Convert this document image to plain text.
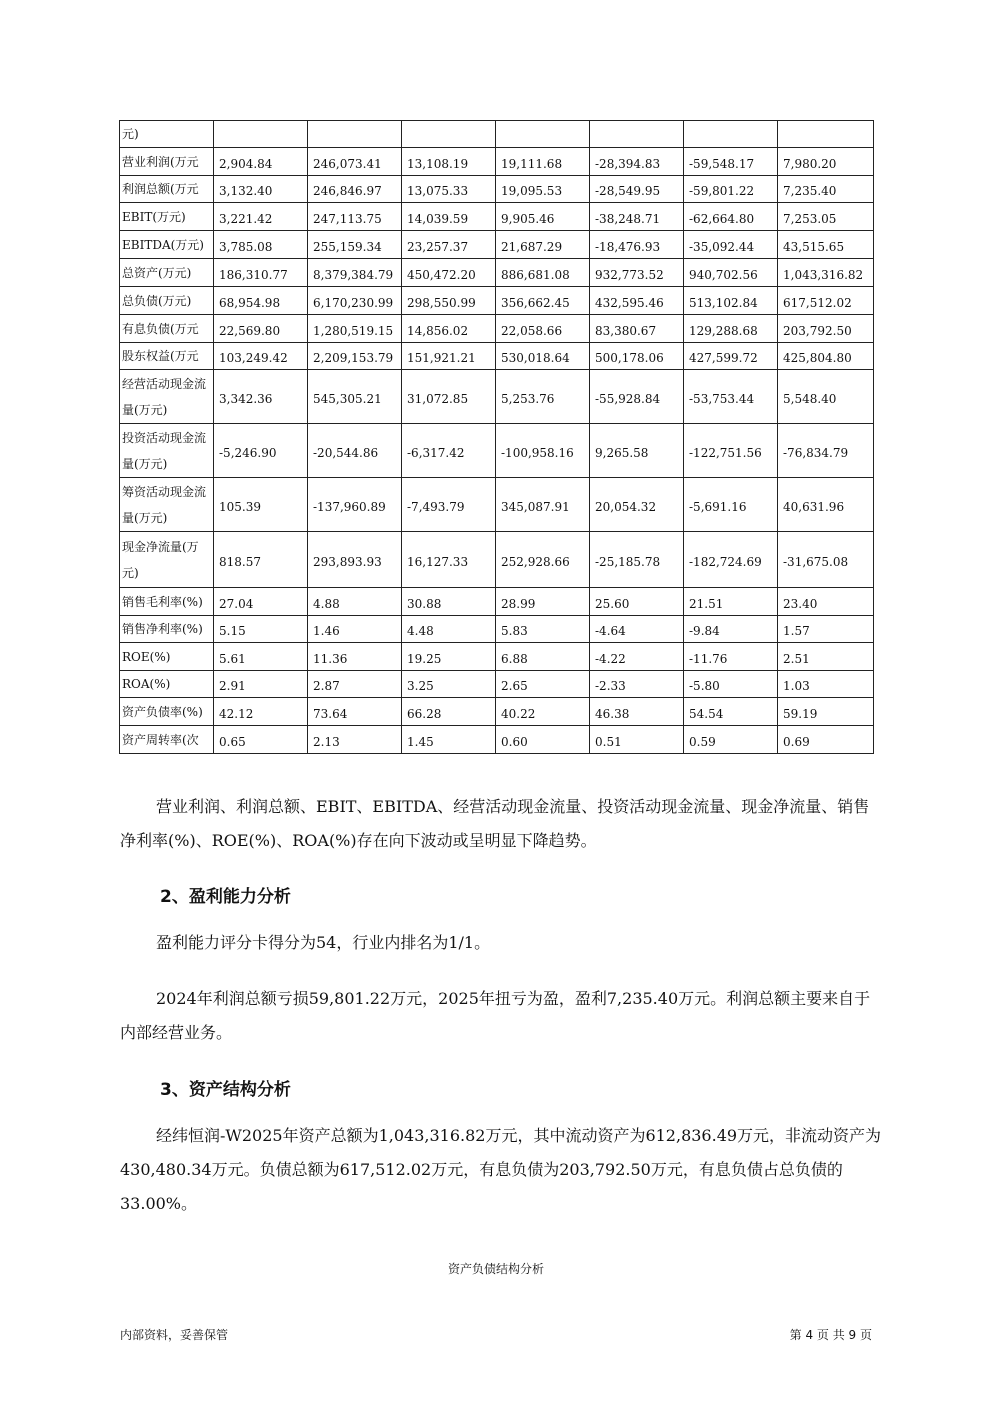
元)							
营业利润(万元	2,904.84	246,073.41	13,108.19	19,111.68	-28,394.83	-59,548.17	7,980.20
利润总额(万元	3,132.40	246,846.97	13,075.33	19,095.53	-28,549.95	-59,801.22	7,235.40
EBIT(万元)	3,221.42	247,113.75	14,039.59	9,905.46	-38,248.71	-62,664.80	7,253.05
EBITDA(万元)	3,785.08	255,159.34	23,257.37	21,687.29	-18,476.93	-35,092.44	43,515.65
总资产(万元)	186,310.77	8,379,384.79	450,472.20	886,681.08	932,773.52	940,702.56	1,043,316.82
总负债(万元)	68,954.98	6,170,230.99	298,550.99	356,662.45	432,595.46	513,102.84	617,512.02
有息负债(万元	22,569.80	1,280,519.15	14,856.02	22,058.66	83,380.67	129,288.68	203,792.50
股东权益(万元	103,249.42	2,209,153.79	151,921.21	530,018.64	500,178.06	427,599.72	425,804.80
经营活动现金流量(万元)	3,342.36	545,305.21	31,072.85	5,253.76	-55,928.84	-53,753.44	5,548.40
投资活动现金流量(万元)	-5,246.90	-20,544.86	-6,317.42	-100,958.16	9,265.58	-122,751.56	-76,834.79
筹资活动现金流量(万元)	105.39	-137,960.89	-7,493.79	345,087.91	20,054.32	-5,691.16	40,631.96
现金净流量(万元)	818.57	293,893.93	16,127.33	252,928.66	-25,185.78	-182,724.69	-31,675.08
销售毛利率(%)	27.04	4.88	30.88	28.99	25.60	21.51	23.40
销售净利率(%)	5.15	1.46	4.48	5.83	-4.64	-9.84	1.57
ROE(%)	5.61	11.36	19.25	6.88	-4.22	-11.76	2.51
ROA(%)	2.91	2.87	3.25	2.65	-2.33	-5.80	1.03
资产负债率(%)	42.12	73.64	66.28	40.22	46.38	54.54	59.19
资产周转率(次	0.65	2.13	1.45	0.60	0.51	0.59	0.69

营业利润、利润总额、EBIT、EBITDA、经营活动现金流量、投资活动现金流量、现金净流量、销售净利率(%)、ROE(%)、ROA(%)存在向下波动或呈明显下降趋势。

2、盈利能力分析

盈利能力评分卡得分为54，行业内排名为1/1。

2024年利润总额亏损59,801.22万元，2025年扭亏为盈，盈利7,235.40万元。利润总额主要来自于内部经营业务。

3、资产结构分析

经纬恒润-W2025年资产总额为1,043,316.82万元，其中流动资产为612,836.49万元，非流动资产为430,480.34万元。负债总额为617,512.02万元，有息负债为203,792.50万元，有息负债占总负债的33.00%。

资产负债结构分析
内部资料，妥善保管	第 4 页 共 9 页
